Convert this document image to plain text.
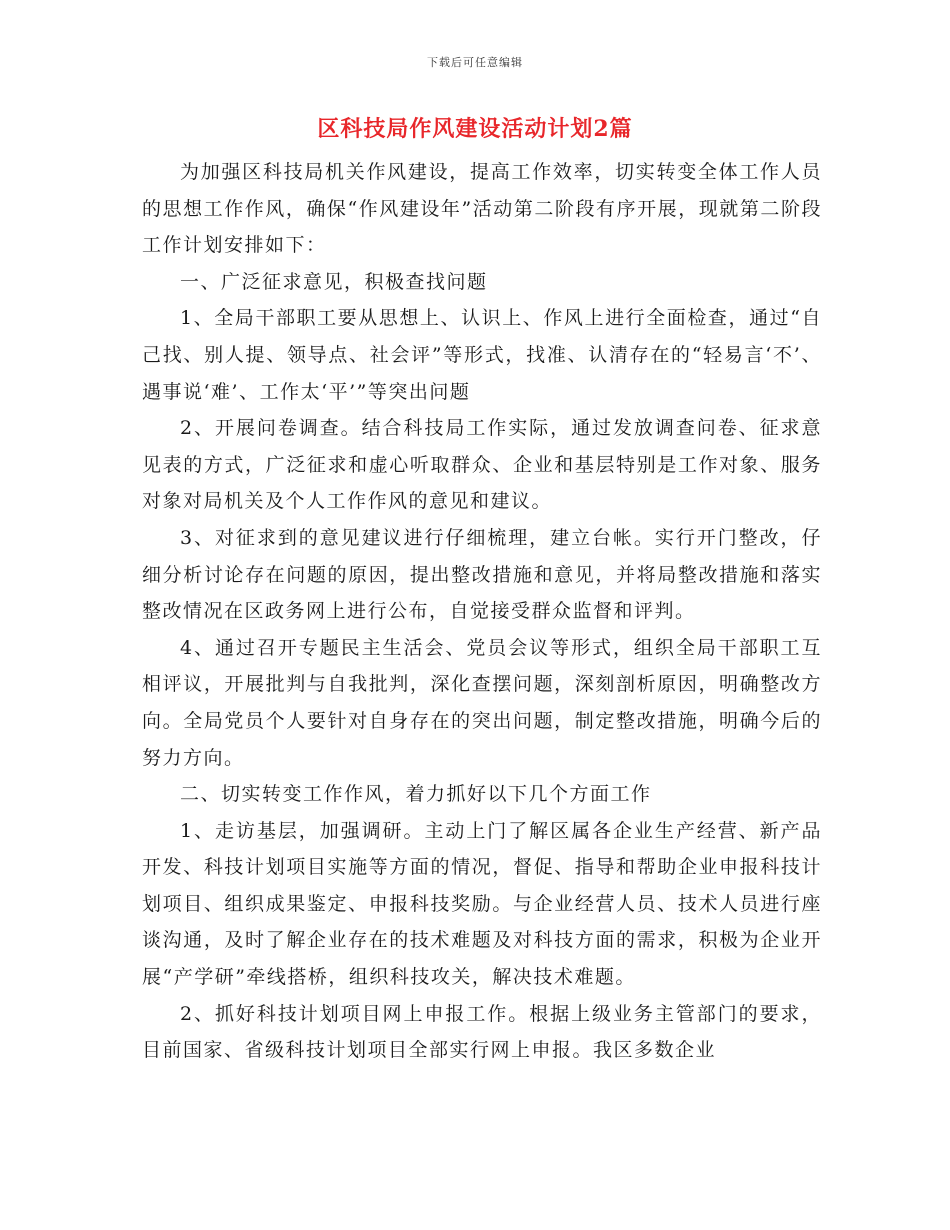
下载后可任意编辑
区科技局作风建设活动计划2篇

为加强区科技局机关作风建设，提高工作效率，切实转变全体工作人员的思想工作作风，确保“作风建设年”活动第二阶段有序开展，现就第二阶段工作计划安排如下：

一、广泛征求意见，积极查找问题

1、全局干部职工要从思想上、认识上、作风上进行全面检查，通过“自己找、别人提、领导点、社会评”等形式，找准、认清存在的“轻易言‘不’、遇事说‘难’、工作太‘平’”等突出问题

2、开展问卷调查。结合科技局工作实际，通过发放调查问卷、征求意见表的方式，广泛征求和虚心听取群众、企业和基层特别是工作对象、服务对象对局机关及个人工作作风的意见和建议。

3、对征求到的意见建议进行仔细梳理，建立台帐。实行开门整改，仔细分析讨论存在问题的原因，提出整改措施和意见，并将局整改措施和落实整改情况在区政务网上进行公布，自觉接受群众监督和评判。

4、通过召开专题民主生活会、党员会议等形式，组织全局干部职工互相评议，开展批判与自我批判，深化查摆问题，深刻剖析原因，明确整改方向。全局党员个人要针对自身存在的突出问题，制定整改措施，明确今后的努力方向。

二、切实转变工作作风，着力抓好以下几个方面工作

1、走访基层，加强调研。主动上门了解区属各企业生产经营、新产品开发、科技计划项目实施等方面的情况，督促、指导和帮助企业申报科技计划项目、组织成果鉴定、申报科技奖励。与企业经营人员、技术人员进行座谈沟通，及时了解企业存在的技术难题及对科技方面的需求，积极为企业开展“产学研”牵线搭桥，组织科技攻关，解决技术难题。

2、抓好科技计划项目网上申报工作。根据上级业务主管部门的要求，目前国家、省级科技计划项目全部实行网上申报。我区多数企业
